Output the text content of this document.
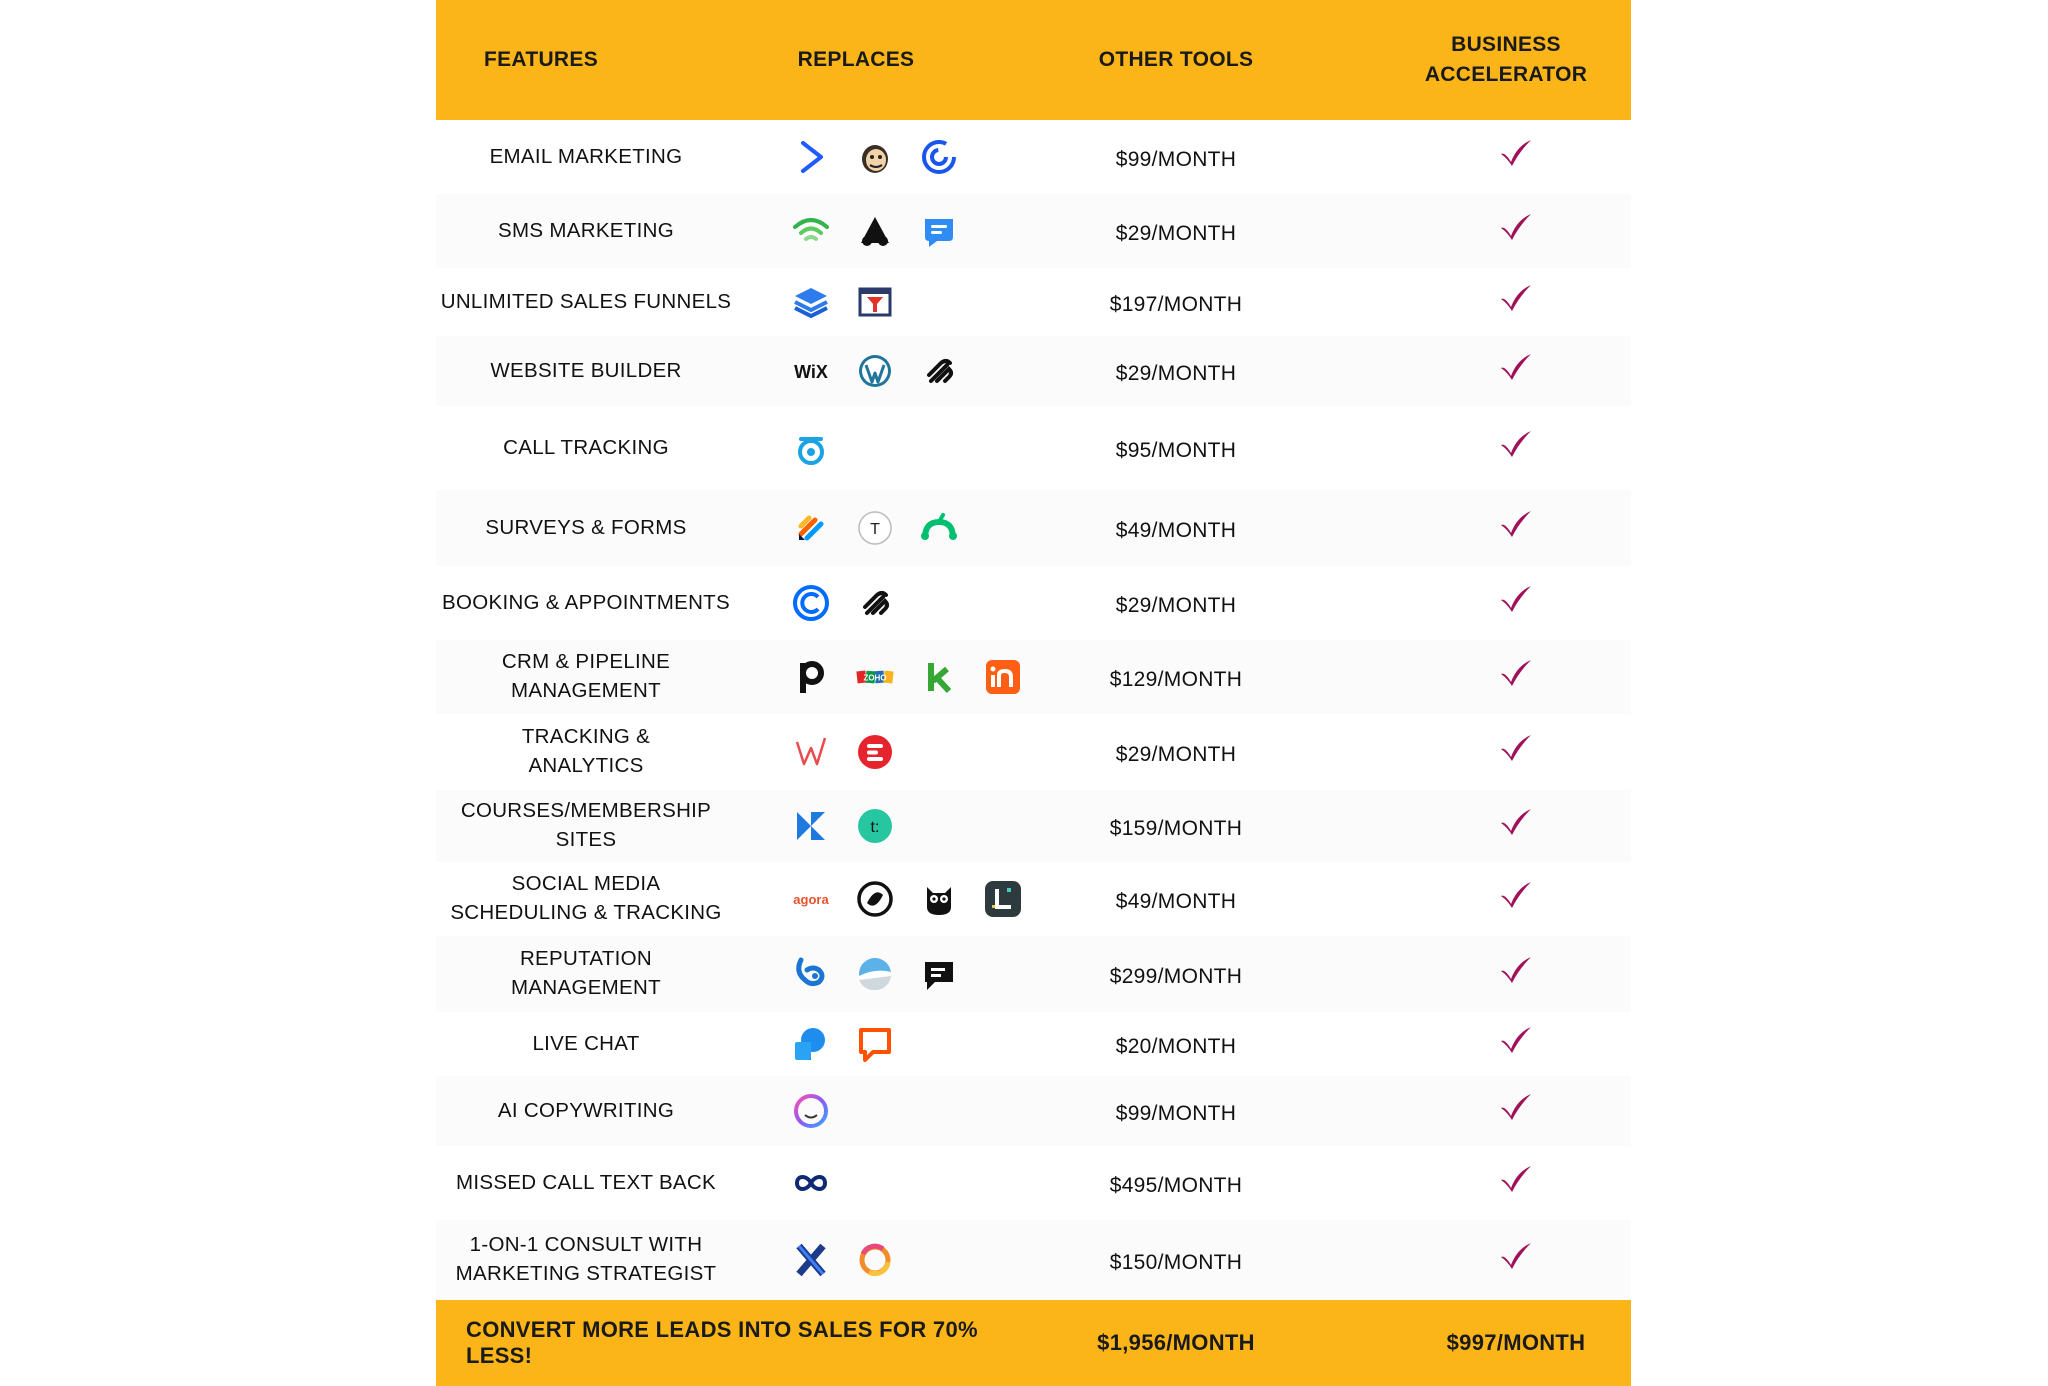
FEATURES	REPLACES	OTHER TOOLS
BUSINESS
ACCELERATOR
EMAIL MARKETING	$99/MONTH
SMS MARKETING	$29/MONTH
UNLIMITED SALES FUNNELS	$197/MONTH
WEBSITE BUILDER	WiX	$29/MONTH
CALL TRACKING	$95/MONTH
SURVEYS & FORMS	T	$49/MONTH
BOOKING & APPOINTMENTS	$29/MONTH
CRM & PIPELINE
MANAGEMENT
ZOHO	$129/MONTH
TRACKING &
ANALYTICS	$29/MONTH
COURSES/MEMBERSHIP
SITES
t:	$159/MONTH
SOCIAL MEDIA
SCHEDULING & TRACKING
agora	$49/MONTH
REPUTATION
MANAGEMENT	$299/MONTH
LIVE CHAT	$20/MONTH
AI COPYWRITING	$99/MONTH
MISSED CALL TEXT BACK	$495/MONTH
1-ON-1 CONSULT WITH
MARKETING STRATEGIST	$150/MONTH
CONVERT MORE LEADS INTO SALES FOR 70% LESS!
$1,956/MONTH	$997/MONTH
